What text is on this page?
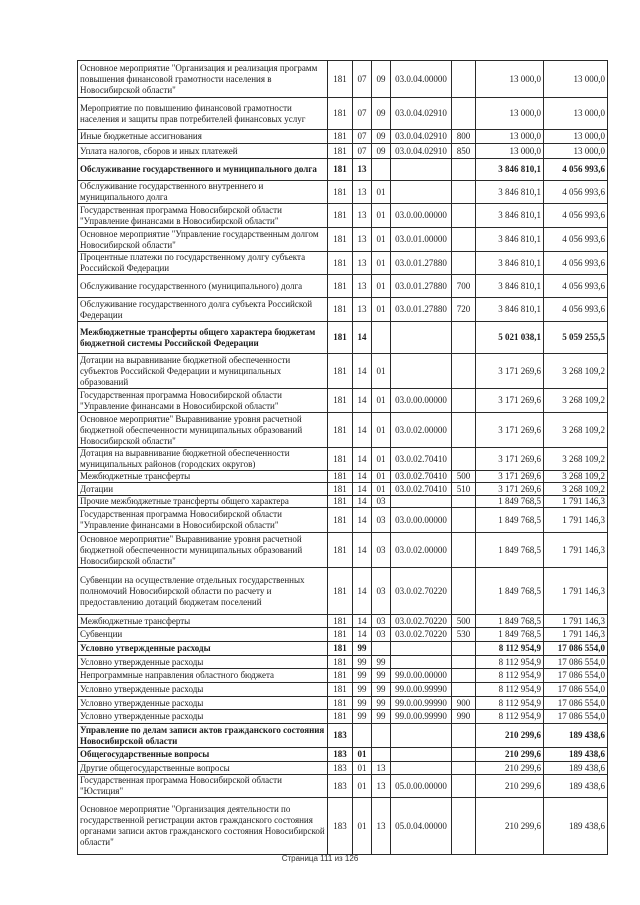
Основное мероприятие "Организация и реализация программ повышения финансовой грамотности населения в Новосибирской области"	181	07	09	03.0.04.00000		13 000,0	13 000,0
Мероприятие по повышению финансовой грамотности населения и защиты прав потребителей финансовых услуг	181	07	09	03.0.04.02910		13 000,0	13 000,0
Иные бюджетные ассигнования	181	07	09	03.0.04.02910	800	13 000,0	13 000,0
Уплата налогов, сборов и иных платежей	181	07	09	03.0.04.02910	850	13 000,0	13 000,0
Обслуживание государственного и муниципального долга	181	13				3 846 810,1	4 056 993,6
Обслуживание государственного внутреннего и муниципального долга	181	13	01			3 846 810,1	4 056 993,6
Государственная программа Новосибирской области "Управление финансами в Новосибирской области"	181	13	01	03.0.00.00000		3 846 810,1	4 056 993,6
Основное мероприятие "Управление государственным долгом Новосибирской области"	181	13	01	03.0.01.00000		3 846 810,1	4 056 993,6
Процентные платежи по государственному долгу субъекта Российской Федерации	181	13	01	03.0.01.27880		3 846 810,1	4 056 993,6
Обслуживание государственного (муниципального) долга	181	13	01	03.0.01.27880	700	3 846 810,1	4 056 993,6
Обслуживание государственного долга субъекта Российской Федерации	181	13	01	03.0.01.27880	720	3 846 810,1	4 056 993,6
Межбюджетные трансферты общего характера бюджетам бюджетной системы Российской Федерации	181	14				5 021 038,1	5 059 255,5
Дотации на выравнивание бюджетной обеспеченности субъектов Российской Федерации и муниципальных образований	181	14	01			3 171 269,6	3 268 109,2
Государственная программа Новосибирской области "Управление финансами в Новосибирской области"	181	14	01	03.0.00.00000		3 171 269,6	3 268 109,2
Основное мероприятие" Выравнивание уровня расчетной бюджетной обеспеченности муниципальных образований Новосибирской области"	181	14	01	03.0.02.00000		3 171 269,6	3 268 109,2
Дотация на выравнивание бюджетной обеспеченности муниципальных районов (городских округов)	181	14	01	03.0.02.70410		3 171 269,6	3 268 109,2
Межбюджетные трансферты	181	14	01	03.0.02.70410	500	3 171 269,6	3 268 109,2
Дотации	181	14	01	03.0.02.70410	510	3 171 269,6	3 268 109,2
Прочие межбюджетные трансферты общего характера	181	14	03			1 849 768,5	1 791 146,3
Государственная программа Новосибирской области "Управление финансами в Новосибирской области"	181	14	03	03.0.00.00000		1 849 768,5	1 791 146,3
Основное мероприятие" Выравнивание уровня расчетной бюджетной обеспеченности муниципальных образований Новосибирской области"	181	14	03	03.0.02.00000		1 849 768,5	1 791 146,3
Субвенции на осуществление отдельных государственных полномочий Новосибирской области по расчету и предоставлению дотаций бюджетам поселений	181	14	03	03.0.02.70220		1 849 768,5	1 791 146,3
Межбюджетные трансферты	181	14	03	03.0.02.70220	500	1 849 768,5	1 791 146,3
Субвенции	181	14	03	03.0.02.70220	530	1 849 768,5	1 791 146,3
Условно утвержденные расходы	181	99				8 112 954,9	17 086 554,0
Условно утвержденные расходы	181	99	99			8 112 954,9	17 086 554,0
Непрограммные направления областного бюджета	181	99	99	99.0.00.00000		8 112 954,9	17 086 554,0
Условно утвержденные расходы	181	99	99	99.0.00.99990		8 112 954,9	17 086 554,0
Условно утвержденные расходы	181	99	99	99.0.00.99990	900	8 112 954,9	17 086 554,0
Условно утвержденные расходы	181	99	99	99.0.00.99990	990	8 112 954,9	17 086 554,0
Управление по делам записи актов гражданского состояния Новосибирской области	183					210 299,6	189 438,6
Общегосударственные вопросы	183	01				210 299,6	189 438,6
Другие общегосударственные вопросы	183	01	13			210 299,6	189 438,6
Государственная программа Новосибирской области "Юстиция"	183	01	13	05.0.00.00000		210 299,6	189 438,6
Основное мероприятие "Организация деятельности по государственной регистрации актов гражданского состояния органами записи актов гражданского состояния Новосибирской области"	183	01	13	05.0.04.00000		210 299,6	189 438,6
Страница 111 из 126
